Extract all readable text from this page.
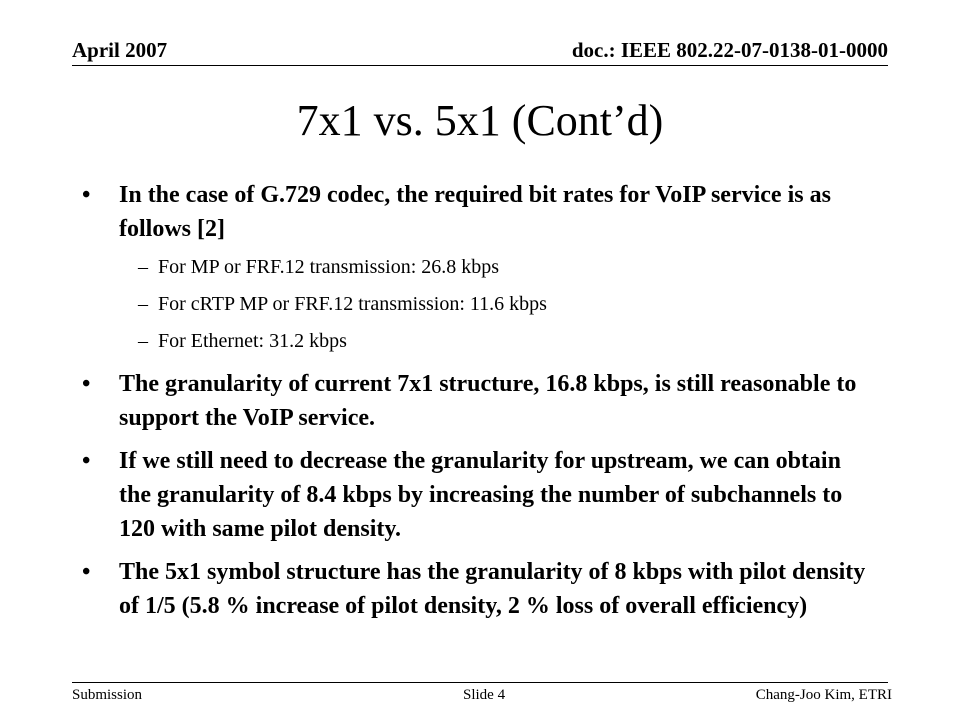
April 2007	doc.: IEEE 802.22-07-0138-01-0000
7x1 vs. 5x1 (Cont’d)
• In the case of G.729 codec, the required bit rates for VoIP service is as follows [2]
– For MP or FRF.12 transmission: 26.8 kbps
– For cRTP MP or FRF.12 transmission: 11.6 kbps
– For Ethernet: 31.2 kbps
• The granularity of current 7x1 structure, 16.8 kbps, is still reasonable to support the VoIP service.
• If we still need to decrease the granularity for upstream, we can obtain the granularity of 8.4 kbps by increasing the number of subchannels to 120 with same pilot density.
• The 5x1 symbol structure has the granularity of 8 kbps with pilot density of 1/5 (5.8 % increase of pilot density, 2 % loss of overall efficiency)
Submission	Slide 4	Chang-Joo Kim, ETRI
